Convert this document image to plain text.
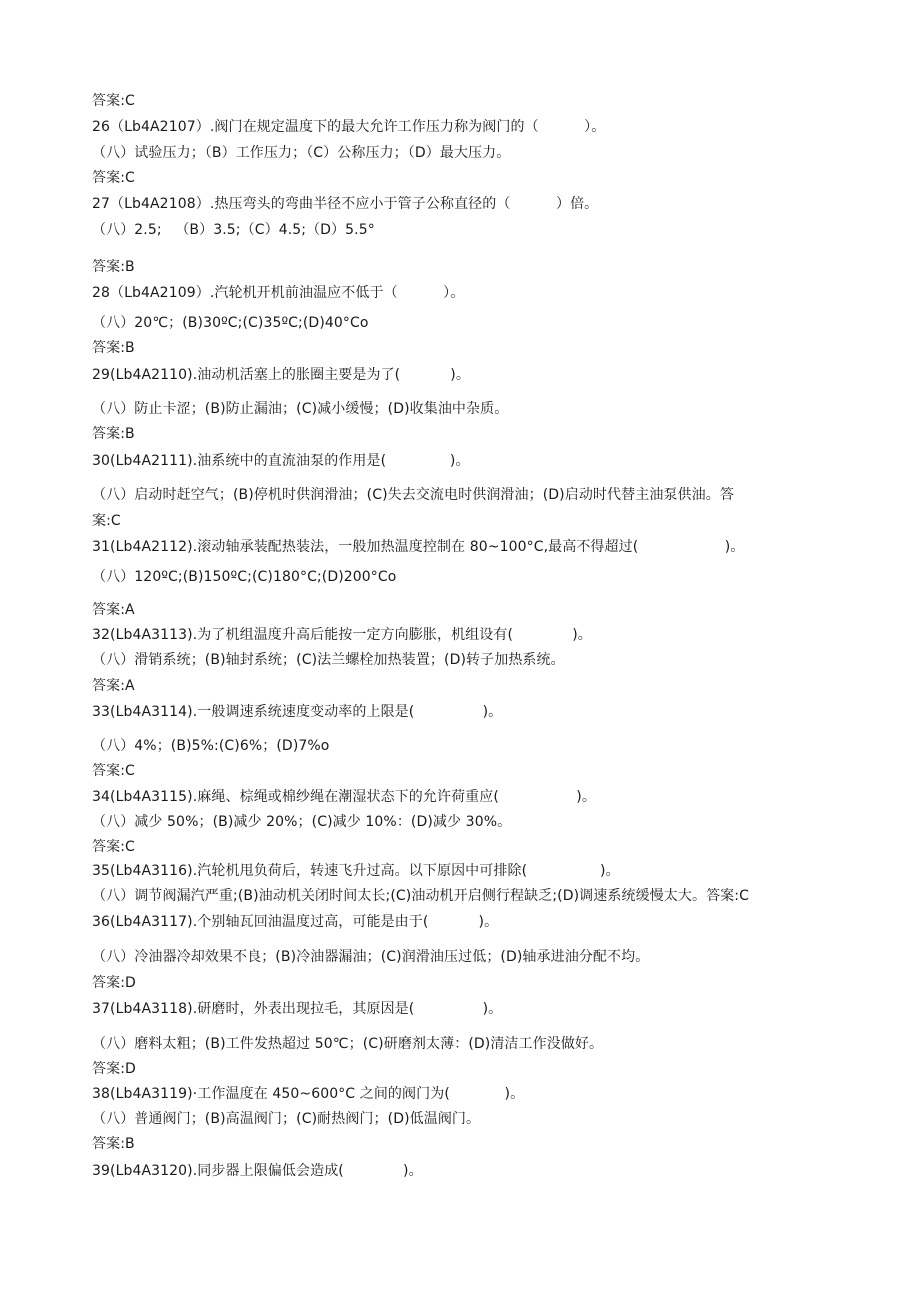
答案:C
26（Lb4A2107）.阀门在规定温度下的最大允许工作压力称为阀门的（          ）。
（八）试验压力；（B）工作压力；（C）公称压力；（D）最大压力。
答案:C
27（Lb4A2108）.热压弯头的弯曲半径不应小于管子公称直径的（          ）倍。
（八）2.5;   （B）3.5;（C）4.5;（D）5.5°
答案:B
28（Lb4A2109）.汽轮机开机前油温应不低于（          ）。
（八）20℃；(B)30ºC;(C)35ºC;(D)40°Co
答案:B
29(Lb4A2110).油动机活塞上的胀圈主要是为了(           )。
（八）防止卡涩；(B)防止漏油；(C)减小缓慢；(D)收集油中杂质。
答案:B
30(Lb4A2111).油系统中的直流油泵的作用是(              )。
（八）启动时赶空气；(B)停机时供润滑油；(C)失去交流电时供润滑油；(D)启动时代替主油泵供油。答
案:C
31(Lb4A2112).滚动轴承装配热装法，一般加热温度控制在 80~100°C,最高不得超过(                   )。
（八）120ºC;(B)150ºC;(C)180°C;(D)200°Co
答案:A
32(Lb4A3113).为了机组温度升高后能按一定方向膨胀，机组设有(             )。
（八）滑销系统；(B)轴封系统；(C)法兰螺栓加热装置；(D)转子加热系统。
答案:A
33(Lb4A3114).一般调速系统速度变动率的上限是(               )。
（八）4%；(B)5%:(C)6%；(D)7%o
答案:C
34(Lb4A3115).麻绳、棕绳或棉纱绳在潮湿状态下的允许荷重应(                 )。
（八）减少 50%；(B)减少 20%；(C)减少 10%：(D)减少 30%。
答案:C
35(Lb4A3116).汽轮机甩负荷后，转速飞升过高。以下原因中可排除(                )。
（八）调节阀漏汽严重;(B)油动机关闭时间太长;(C)油动机开启侧行程缺乏;(D)调速系统缓慢太大。答案:C
36(Lb4A3117).个别轴瓦回油温度过高，可能是由于(           )。
（八）冷油器冷却效果不良；(B)冷油器漏油；(C)润滑油压过低；(D)轴承进油分配不均。
答案:D
37(Lb4A3118).研磨时，外表出现拉毛，其原因是(               )。
（八）磨料太粗；(B)工件发热超过 50℃；(C)研磨剂太薄：(D)清洁工作没做好。
答案:D
38(Lb4A3119)·工作温度在 450~600°C 之间的阀门为(            )。
（八）普通阀门；(B)高温阀门；(C)耐热阀门；(D)低温阀门。
答案:B
39(Lb4A3120).同步器上限偏低会造成(             )。
